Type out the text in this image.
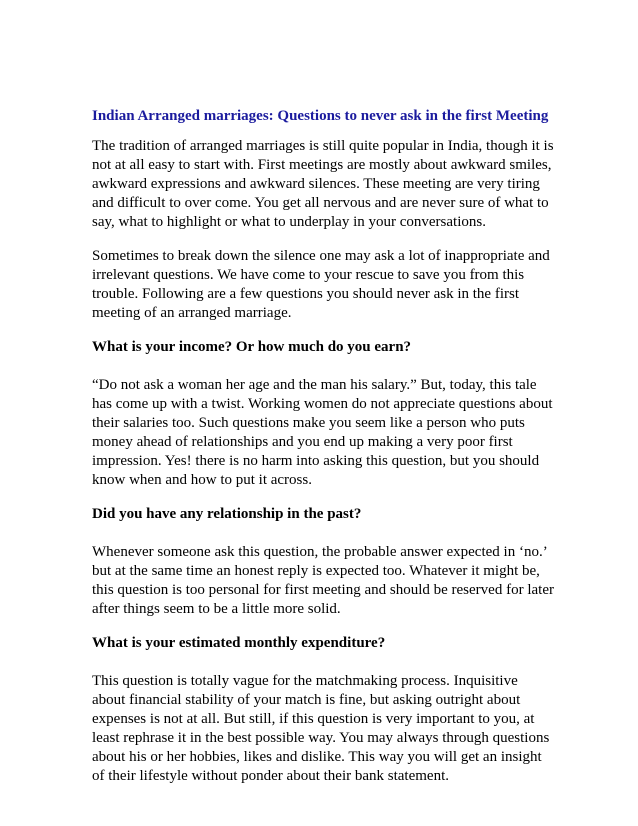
Indian Arranged marriages: Questions to never ask in the first Meeting

The tradition of arranged marriages is still quite popular in India, though it is
not at all easy to start with. First meetings are mostly about awkward smiles,
awkward expressions and awkward silences. These meeting are very tiring
and difficult to over come. You get all nervous and are never sure of what to
say, what to highlight or what to underplay in your conversations.

Sometimes to break down the silence one may ask a lot of inappropriate and
irrelevant questions. We have come to your rescue to save you from this
trouble. Following are a few questions you should never ask in the first
meeting of an arranged marriage.

What is your income? Or how much do you earn?

“Do not ask a woman her age and the man his salary.” But, today, this tale
has come up with a twist. Working women do not appreciate questions about
their salaries too. Such questions make you seem like a person who puts
money ahead of relationships and you end up making a very poor first
impression. Yes! there is no harm into asking this question, but you should
know when and how to put it across.

Did you have any relationship in the past?

Whenever someone ask this question, the probable answer expected in ‘no.’
but at the same time an honest reply is expected too. Whatever it might be,
this question is too personal for first meeting and should be reserved for later
after things seem to be a little more solid.

What is your estimated monthly expenditure?

This question is totally vague for the matchmaking process. Inquisitive
about financial stability of your match is fine, but asking outright about
expenses is not at all. But still, if this question is very important to you, at
least rephrase it in the best possible way. You may always through questions
about his or her hobbies, likes and dislike. This way you will get an insight
of their lifestyle without ponder about their bank statement.
